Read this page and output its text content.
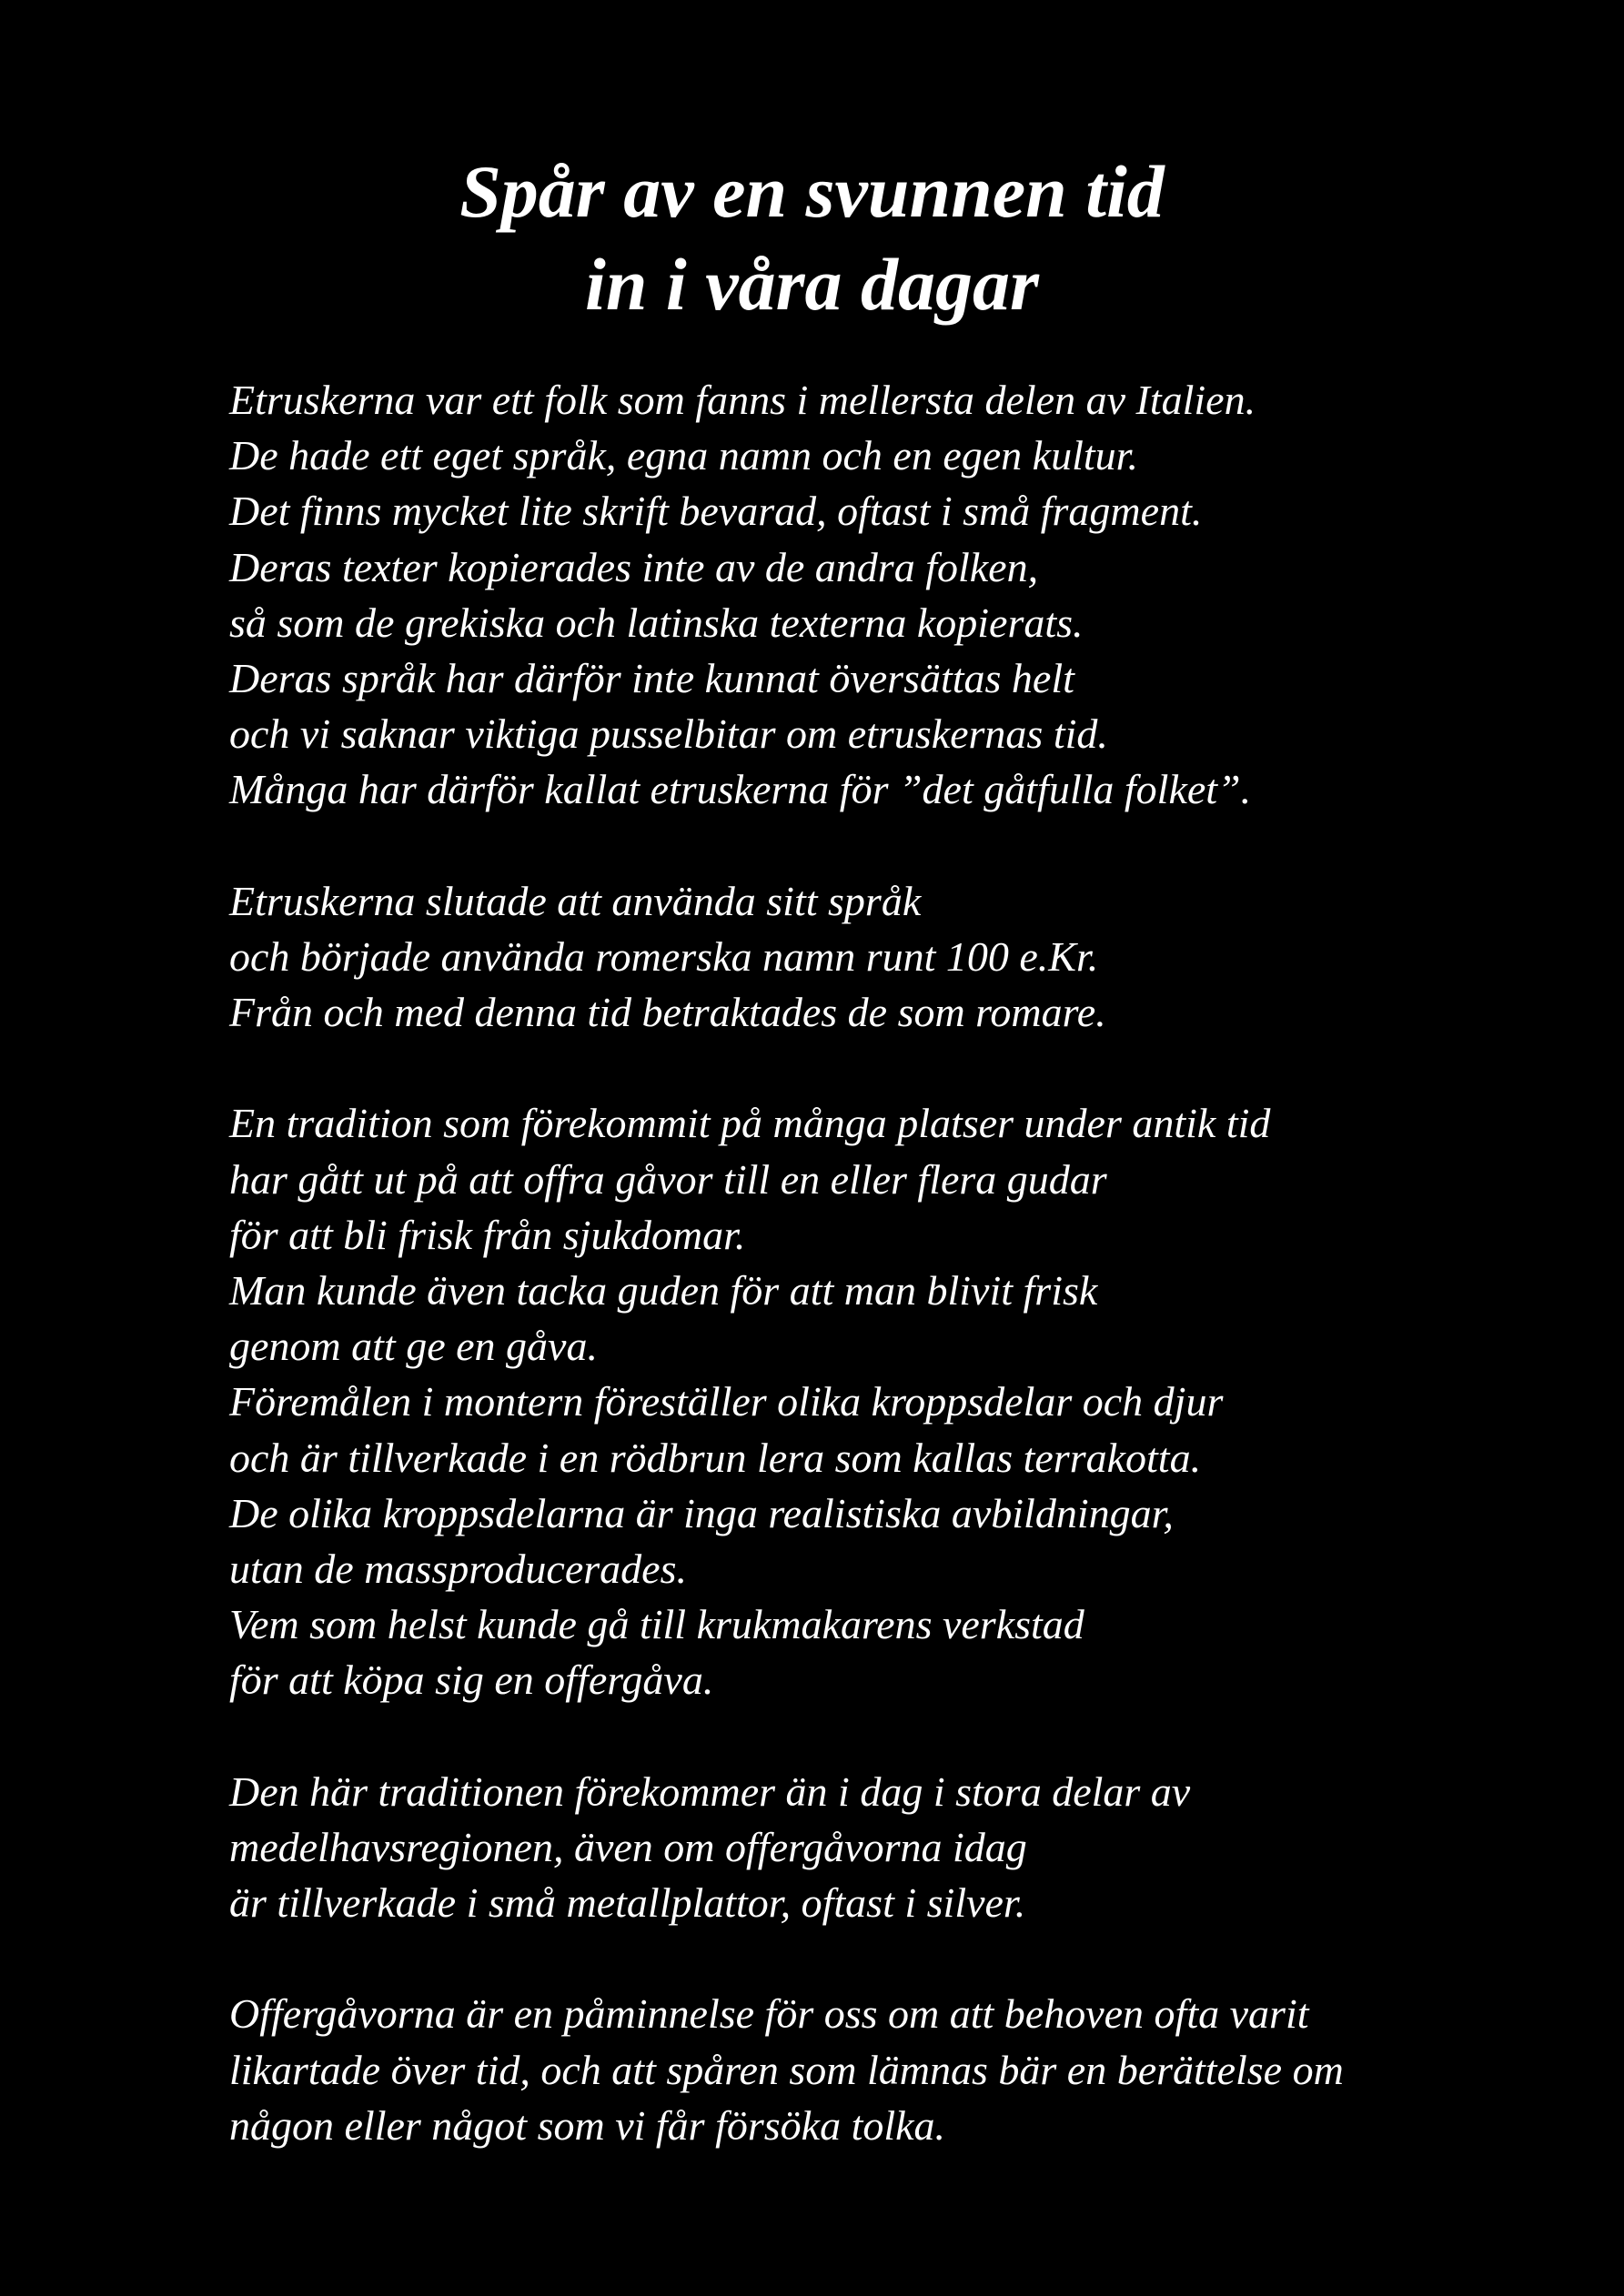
Spår av en svunnen tid
in i våra dagar
Etruskerna var ett folk som fanns i mellersta delen av Italien.
De hade ett eget språk, egna namn och en egen kultur.
Det finns mycket lite skrift bevarad, oftast i små fragment.
Deras texter kopierades inte av de andra folken,
så som de grekiska och latinska texterna kopierats.
Deras språk har därför inte kunnat översättas helt
och vi saknar viktiga pusselbitar om etruskernas tid.
Många har därför kallat etruskerna för ”det gåtfulla folket”.
Etruskerna slutade att använda sitt språk
och började använda romerska namn runt 100 e.Kr.
Från och med denna tid betraktades de som romare.
En tradition som förekommit på många platser under antik tid
har gått ut på att offra gåvor till en eller flera gudar
för att bli frisk från sjukdomar.
Man kunde även tacka guden för att man blivit frisk
genom att ge en gåva.
Föremålen i montern föreställer olika kroppsdelar och djur
och är tillverkade i en rödbrun lera som kallas terrakotta.
De olika kroppsdelarna är inga realistiska avbildningar,
utan de massproducerades.
Vem som helst kunde gå till krukmakarens verkstad
för att köpa sig en offergåva.
Den här traditionen förekommer än i dag i stora delar av
medelhavsregionen, även om offergåvorna idag
är tillverkade i små metallplattor, oftast i silver.
Offergåvorna är en påminnelse för oss om att behoven ofta varit
likartade över tid, och att spåren som lämnas bär en berättelse om
någon eller något som vi får försöka tolka.
